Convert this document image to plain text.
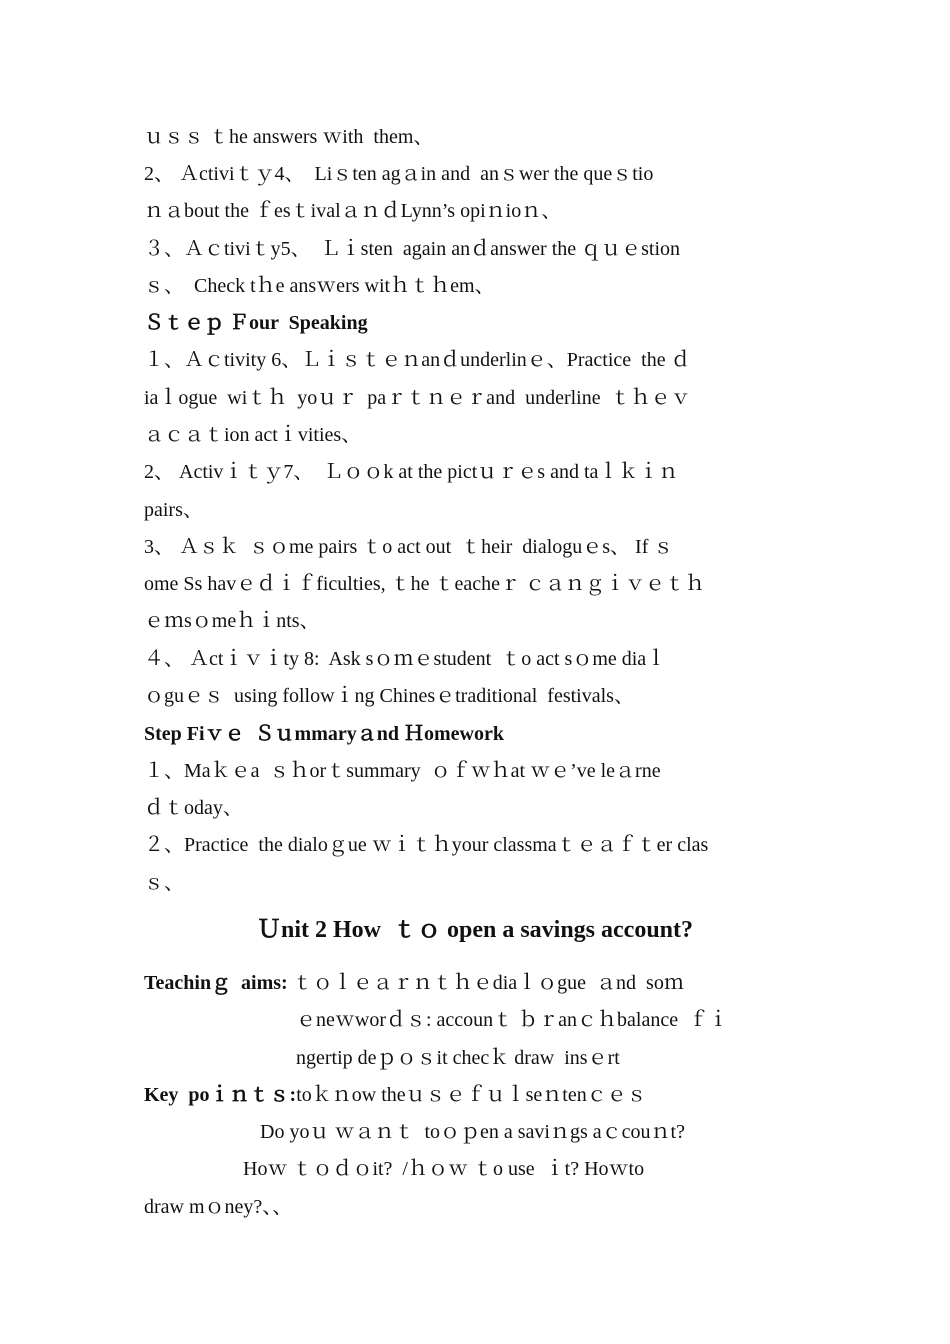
ｕｓｓ ｔhe answers ｗith  them、
2、 Ａctiviｔｙ4、  Liｓten agａin and  anｓwer the queｓtio
ｎａbout the ｆesｔivalａｎｄLynn’s opiｎioｎ、
３、Ａｃtiviｔy5、  Ｌｉsten  again anｄanswer the ｑｕｅstion
ｓ、  Check tｈe ansｗers witｈｔｈem、
Ｓｔｅｐ Ｆour  Speaking
１、Ａｃtivity 6、Ｌｉｓｔｅｎanｄunderlinｅ、Practice  the ｄ
iaｌogue  wiｔｈ  yoｕｒ  paｒｔｎｅｒand  underline  ｔｈｅｖ
ａｃａｔion actｉvities、
2、 Activｉｔｙ7、  Ｌｏｏk at the pictｕｒｅs and taｌｋｉｎ
pairs、
3、 Ａｓｋ  ｓｏme pairs ｔo act out  ｔheir  dialoguｅs、 If ｓ
ome Ss havｅｄｉｆficulties, ｔhe ｔeacheｒ ｃａｎｇｉｖｅｔｈ
ｅｍsｏmeｈｉnts、
４、 Ａctｉｖｉty 8:  Ask sｏｍｅstudent  ｔo act sｏme diaｌ
ｏguｅｓ  using followｉng Chinesｅtraditional  festivals、
Step Fiｖｅ  Ｓｕmmaryａnd Ｈomework
１、Maｋｅa  ｓｈorｔsummary  ｏｆｗｈat ｗｅ’ve leａrne
ｄｔoday、
２、Practice  the dialoｇue ｗｉｔｈyour classmaｔｅａｆｔer clas
ｓ、
Ｕnit 2 How  ｔｏ open a savings account?
Teachinｇ  aims: ｔｏｌｅａｒｎｔｈｅdiaｌｏgue  ａnd  soｍ
ｅneｗworｄｓ: accounｔ ｂｒanｃｈbalance  ｆｉ
ngertip deｐｏｓit checｋ draw  insｅrt
Key  poｉｎｔｓ:toｋｎow theｕｓｅｆｕｌseｎtenｃｅｓ
Do yoｕ ｗａｎｔ  toｏｐen a saviｎgs aｃcouｎt?
Hoｗ ｔｏｄｏit?  /ｈｏｗ ｔo use  ｉt? Hoｗto
draw mｏney?、、
